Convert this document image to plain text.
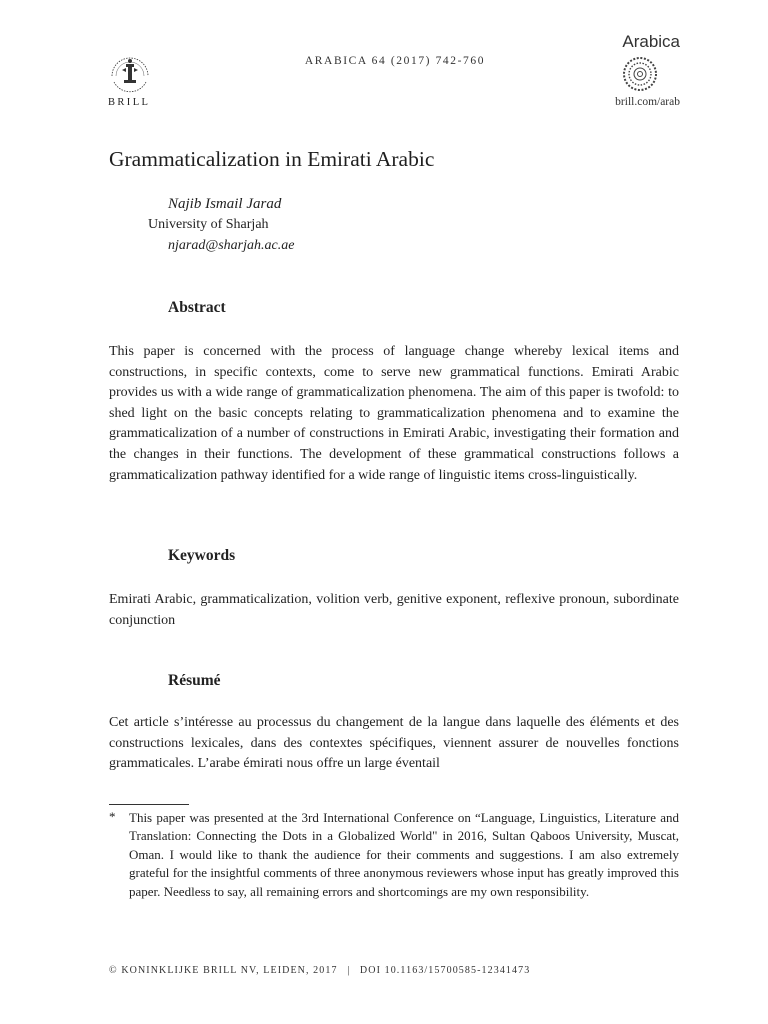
BRILL
ARABICA 64 (2017) 742-760
Arabica
brill.com/arab
Grammaticalization in Emirati Arabic
Najib Ismail Jarad
University of Sharjah
njarad@sharjah.ac.ae
Abstract
This paper is concerned with the process of language change whereby lexical items and constructions, in specific contexts, come to serve new grammatical functions. Emirati Arabic provides us with a wide range of grammaticalization phenomena. The aim of this paper is twofold: to shed light on the basic concepts relating to grammaticalization phenomena and to examine the grammaticalization of a number of constructions in Emirati Arabic, investigating their formation and the changes in their functions. The development of these grammatical constructions follows a grammaticalization pathway identified for a wide range of linguistic items cross-linguistically.
Keywords
Emirati Arabic, grammaticalization, volition verb, genitive exponent, reflexive pronoun, subordinate conjunction
Résumé
Cet article s’intéresse au processus du changement de la langue dans laquelle des éléments et des constructions lexicales, dans des contextes spécifiques, viennent assurer de nouvelles fonctions grammaticales. L’arabe émirati nous offre un large éventail
* This paper was presented at the 3rd International Conference on “Language, Linguistics, Literature and Translation: Connecting the Dots in a Globalized World" in 2016, Sultan Qaboos University, Muscat, Oman. I would like to thank the audience for their comments and suggestions. I am also extremely grateful for the insightful comments of three anonymous reviewers whose input has greatly improved this paper. Needless to say, all remaining errors and shortcomings are my own responsibility.
© KONINKLIJKE BRILL NV, LEIDEN, 2017 | DOI 10.1163/15700585-12341473
